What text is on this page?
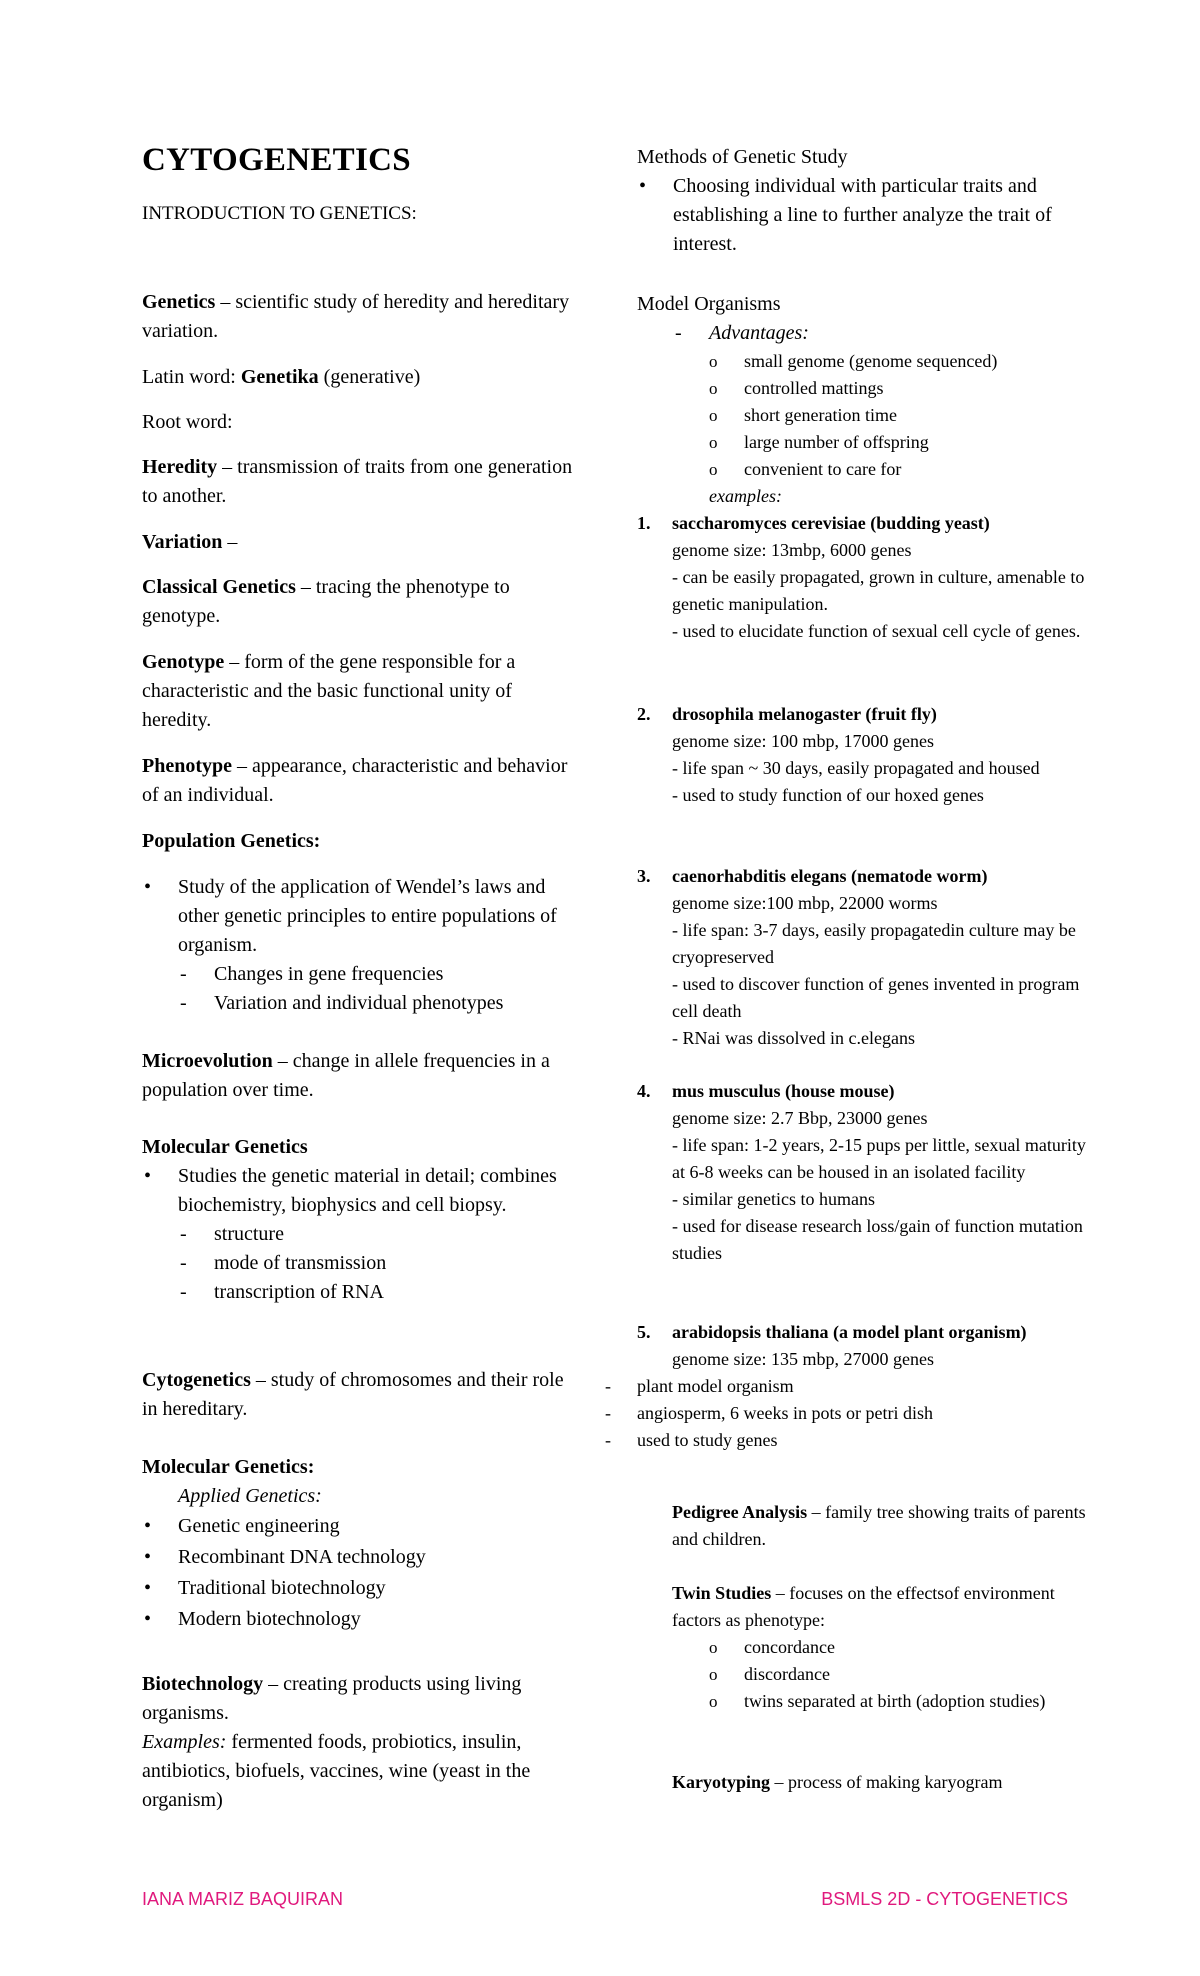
CYTOGENETICS
INTRODUCTION TO GENETICS:
Genetics – scientific study of heredity and hereditary variation.
Latin word: Genetika (generative)
Root word:
Heredity – transmission of traits from one generation to another.
Variation –
Classical Genetics – tracing the phenotype to genotype.
Genotype – form of the gene responsible for a characteristic and the basic functional unity of heredity.
Phenotype – appearance, characteristic and behavior of an individual.
Population Genetics:
• Study of the application of Wendel’s laws and other genetic principles to entire populations of organism.
- Changes in gene frequencies
- Variation and individual phenotypes
Microevolution – change in allele frequencies in a population over time.
Molecular Genetics
• Studies the genetic material in detail; combines biochemistry, biophysics and cell biopsy.
- structure
- mode of transmission
- transcription of RNA
Cytogenetics – study of chromosomes and their role in hereditary.
Molecular Genetics:
- Applied Genetics:
• Genetic engineering
• Recombinant DNA technology
• Traditional biotechnology
• Modern biotechnology
Biotechnology – creating products using living organisms.
Examples: fermented foods, probiotics, insulin, antibiotics, biofuels, vaccines, wine (yeast in the organism)
Methods of Genetic Study
• Choosing individual with particular traits and establishing a line to further analyze the trait of interest.
Model Organisms
- Advantages:
o small genome (genome sequenced)
o controlled mattings
o short generation time
o large number of offspring
o convenient to care for
examples:
1. saccharomyces cerevisiae (budding yeast)
genome size: 13mbp, 6000 genes
- can be easily propagated, grown in culture, amenable to genetic manipulation.
- used to elucidate function of sexual cell cycle of genes.
2. drosophila melanogaster (fruit fly)
genome size: 100 mbp, 17000 genes
- life span ~ 30 days, easily propagated and housed
- used to study function of our hoxed genes
3. caenorhabditis elegans (nematode worm)
genome size:100 mbp, 22000 worms
- life span: 3-7 days, easily propagatedin culture may be cryopreserved
- used to discover function of genes invented in program cell death
- RNai was dissolved in c.elegans
4. mus musculus (house mouse)
genome size: 2.7 Bbp, 23000 genes
- life span: 1-2 years, 2-15 pups per little, sexual maturity at 6-8 weeks can be housed in an isolated facility
- similar genetics to humans
- used for disease research loss/gain of function mutation studies
5. arabidopsis thaliana (a model plant organism)
genome size: 135 mbp, 27000 genes
- plant model organism
- angiosperm, 6 weeks in pots or petri dish
- used to study genes
Pedigree Analysis – family tree showing traits of parents and children.
Twin Studies – focuses on the effectsof environment factors as phenotype:
o concordance
o discordance
o twins separated at birth (adoption studies)
Karyotyping – process of making karyogram
IANA MARIZ BAQUIRAN	BSMLS 2D - CYTOGENETICS
